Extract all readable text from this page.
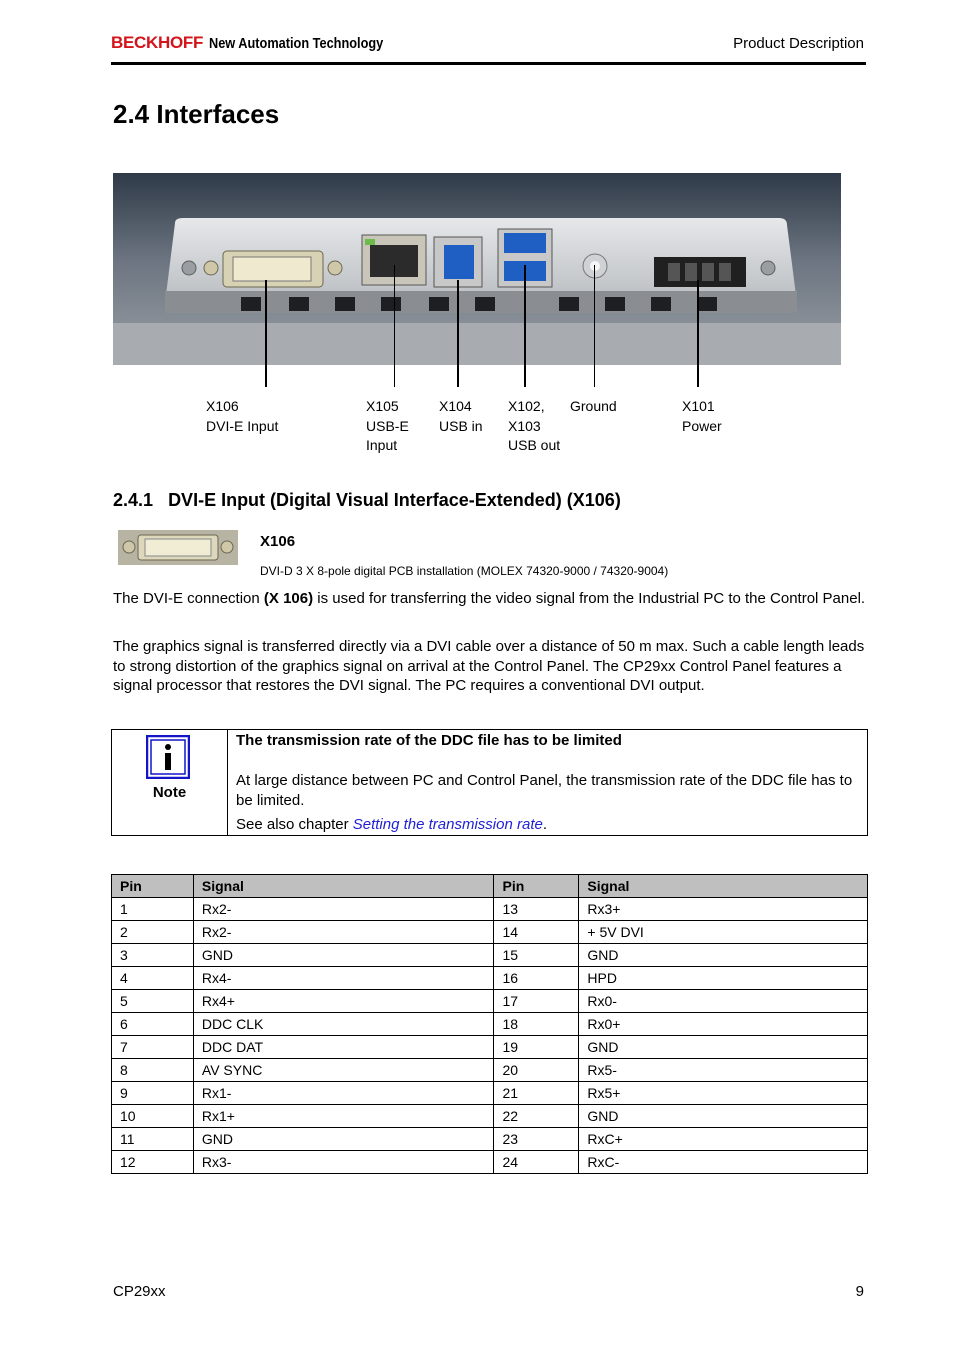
BECKHOFF New Automation Technology	Product Description
2.4 Interfaces
X106
DVI-E Input
X105
USB-E
Input
X104
USB in
X102,
X103
USB out
Ground	X101
Power
2.4.1 DVI-E Input (Digital Visual Interface-Extended) (X106)
X106
DVI-D 3 X 8-pole digital PCB installation (MOLEX 74320-9000 / 74320-9004)
The DVI-E connection (X 106) is used for transferring the video signal from the Industrial PC to the Control Panel.
The graphics signal is transferred directly via a DVI cable over a distance of 50 m max. Such a cable length leads to strong distortion of the graphics signal on arrival at the Control Panel. The CP29xx Control Panel features a signal processor that restores the DVI signal. The PC requires a conventional DVI output.
Note
The transmission rate of the DDC file has to be limited
At large distance between PC and Control Panel, the transmission rate of the DDC file has to be limited.
See also chapter Setting the transmission rate.
Pin	Signal	Pin	Signal
1	Rx2-	13	Rx3+
2	Rx2-	14	+ 5V DVI
3	GND	15	GND
4	Rx4-	16	HPD
5	Rx4+	17	Rx0-
6	DDC CLK	18	Rx0+
7	DDC DAT	19	GND
8	AV SYNC	20	Rx5-
9	Rx1-	21	Rx5+
10	Rx1+	22	GND
11	GND	23	RxC+
12	Rx3-	24	RxC-
CP29xx	9
